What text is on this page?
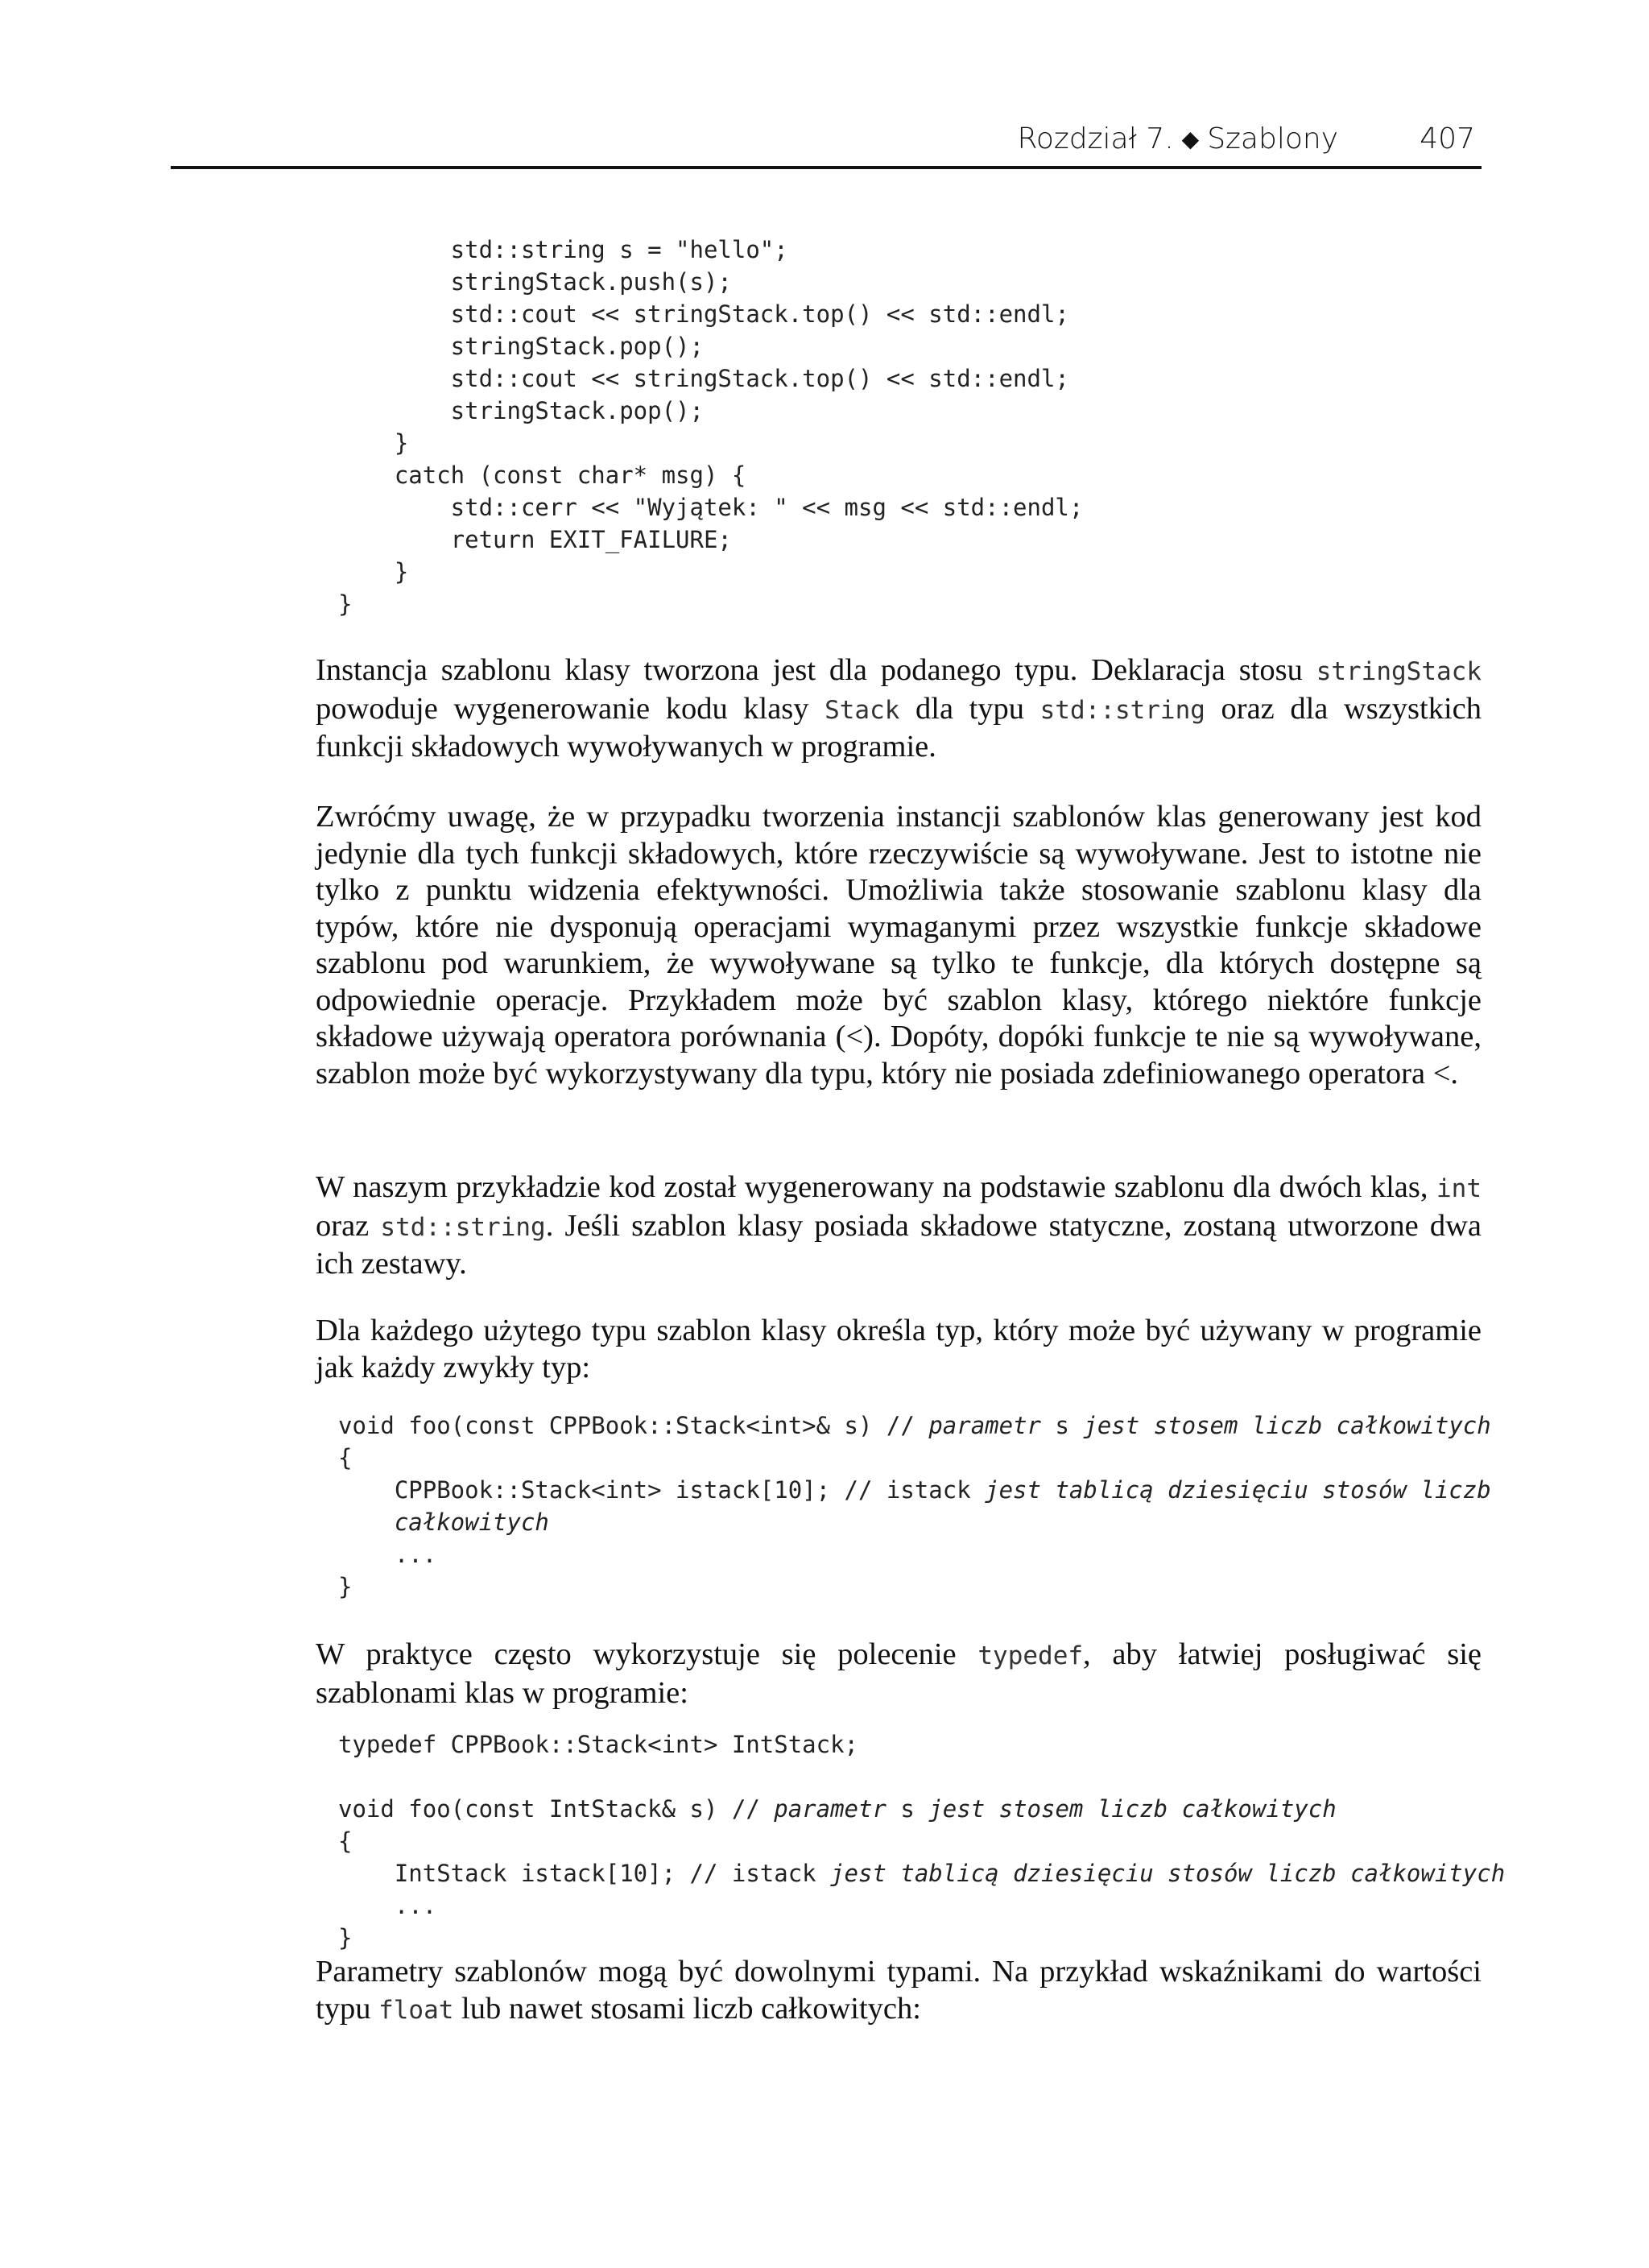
Rozdział 7. ◆ Szablony	407
std::string s = "hello";
stringStack.push(s);
std::cout << stringStack.top() << std::endl;
stringStack.pop();
std::cout << stringStack.top() << std::endl;
stringStack.pop();
}
catch (const char* msg) {
std::cerr << "Wyjątek: " << msg << std::endl;
return EXIT_FAILURE;
}
}

Instancja szablonu klasy tworzona jest dla podanego typu. Deklaracja stosu stringStack powoduje wygenerowanie kodu klasy Stack dla typu std::string oraz dla wszystkich funkcji składowych wywoływanych w programie.

Zwróćmy uwagę, że w przypadku tworzenia instancji szablonów klas generowany jest kod jedynie dla tych funkcji składowych, które rzeczywiście są wywoływane. Jest to istotne nie tylko z punktu widzenia efektywności. Umożliwia także stosowanie szablonu klasy dla typów, które nie dysponują operacjami wymaganymi przez wszystkie funkcje składowe szablonu pod warunkiem, że wywoływane są tylko te funkcje, dla których dostępne są odpowiednie operacje. Przykładem może być szablon klasy, którego niektóre funkcje składowe używają operatora porównania (<). Dopóty, dopóki funkcje te nie są wywoływane, szablon może być wykorzystywany dla typu, który nie posiada zdefiniowanego operatora <.

W naszym przykładzie kod został wygenerowany na podstawie szablonu dla dwóch klas, int oraz std::string. Jeśli szablon klasy posiada składowe statyczne, zostaną utworzone dwa ich zestawy.

Dla każdego użytego typu szablon klasy określa typ, który może być używany w programie jak każdy zwykły typ:

void foo(const CPPBook::Stack<int>& s) // parametr s jest stosem liczb całkowitych
{
CPPBook::Stack<int> istack[10]; // istack jest tablicą dziesięciu stosów liczb
całkowitych
...
}

W praktyce często wykorzystuje się polecenie typedef, aby łatwiej posługiwać się szablonami klas w programie:

typedef CPPBook::Stack<int> IntStack;

void foo(const IntStack& s) // parametr s jest stosem liczb całkowitych
{
IntStack istack[10]; // istack jest tablicą dziesięciu stosów liczb całkowitych
...
}

Parametry szablonów mogą być dowolnymi typami. Na przykład wskaźnikami do wartości typu float lub nawet stosami liczb całkowitych:
